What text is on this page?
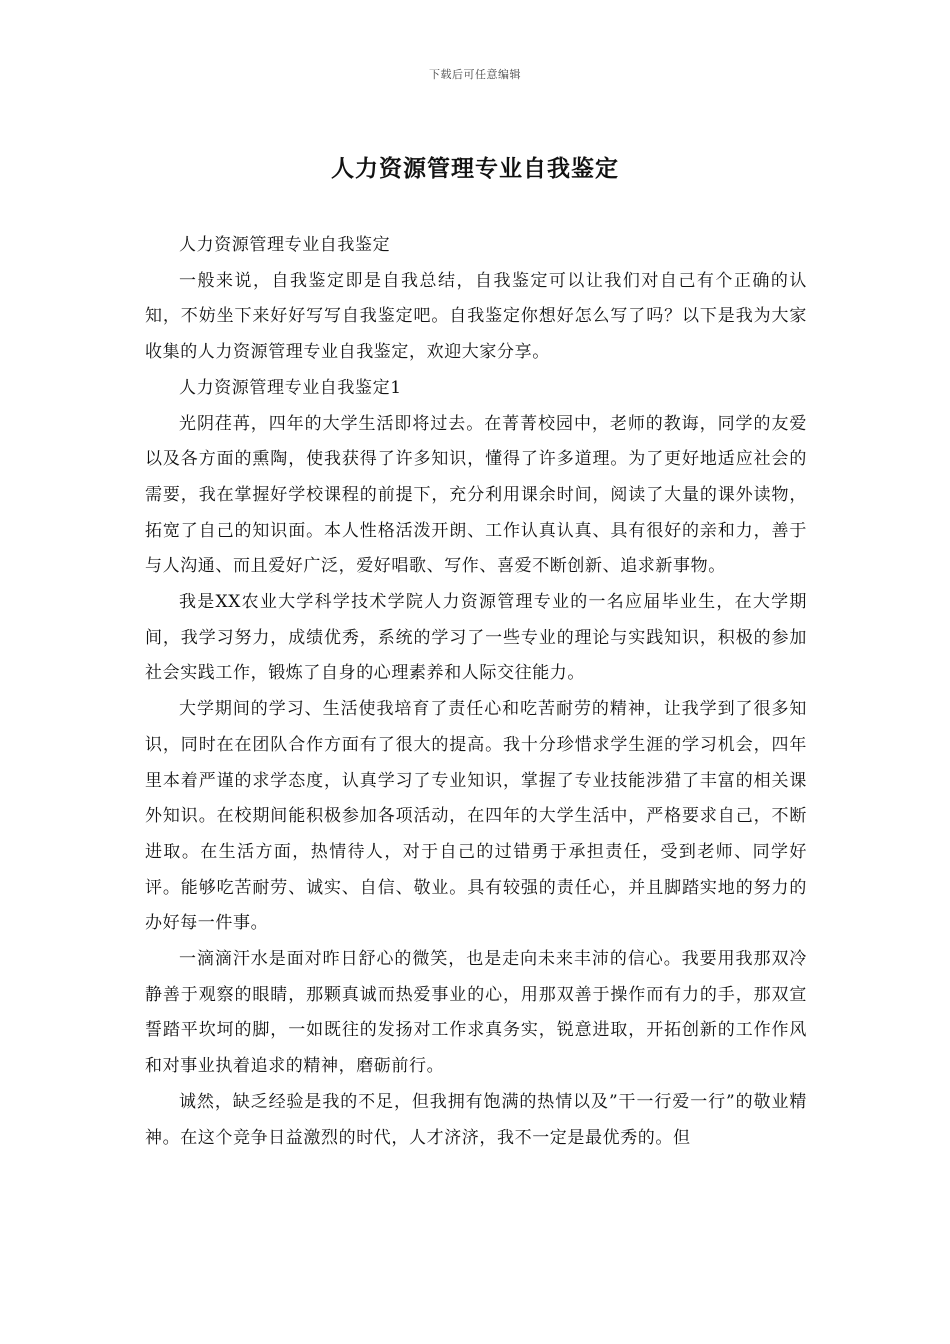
下载后可任意编辑
人力资源管理专业自我鉴定

人力资源管理专业自我鉴定

一般来说，自我鉴定即是自我总结，自我鉴定可以让我们对自己有个正确的认知，不妨坐下来好好写写自我鉴定吧。自我鉴定你想好怎么写了吗？以下是我为大家收集的人力资源管理专业自我鉴定，欢迎大家分享。

人力资源管理专业自我鉴定1

光阴荏苒，四年的大学生活即将过去。在菁菁校园中，老师的教诲，同学的友爱以及各方面的熏陶，使我获得了许多知识，懂得了许多道理。为了更好地适应社会的需要，我在掌握好学校课程的前提下，充分利用课余时间，阅读了大量的课外读物，拓宽了自己的知识面。本人性格活泼开朗、工作认真认真、具有很好的亲和力，善于与人沟通、而且爱好广泛，爱好唱歌、写作、喜爱不断创新、追求新事物。

我是XX农业大学科学技术学院人力资源管理专业的一名应届毕业生，在大学期间，我学习努力，成绩优秀，系统的学习了一些专业的理论与实践知识，积极的参加社会实践工作，锻炼了自身的心理素养和人际交往能力。

大学期间的学习、生活使我培育了责任心和吃苦耐劳的精神，让我学到了很多知识，同时在在团队合作方面有了很大的提高。我十分珍惜求学生涯的学习机会，四年里本着严谨的求学态度，认真学习了专业知识，掌握了专业技能涉猎了丰富的相关课外知识。在校期间能积极参加各项活动，在四年的大学生活中，严格要求自己，不断进取。在生活方面，热情待人，对于自己的过错勇于承担责任，受到老师、同学好评。能够吃苦耐劳、诚实、自信、敬业。具有较强的责任心，并且脚踏实地的努力的办好每一件事。

一滴滴汗水是面对昨日舒心的微笑，也是走向未来丰沛的信心。我要用我那双冷静善于观察的眼睛，那颗真诚而热爱事业的心，用那双善于操作而有力的手，那双宣誓踏平坎坷的脚，一如既往的发扬对工作求真务实，锐意进取，开拓创新的工作作风和对事业执着追求的精神，磨砺前行。

诚然，缺乏经验是我的不足，但我拥有饱满的热情以及”干一行爱一行”的敬业精神。在这个竞争日益激烈的时代，人才济济，我不一定是最优秀的。但
